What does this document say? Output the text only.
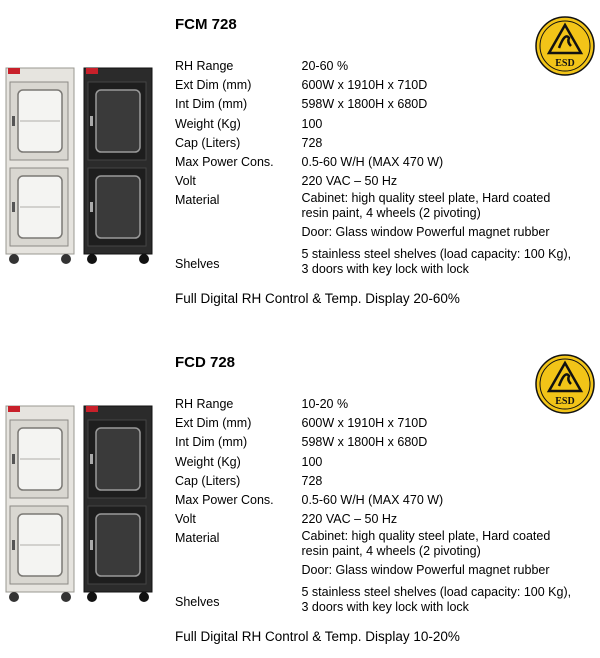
FCM 728
ESD
RH Range	20-60 %
Ext Dim (mm)	600W x 1910H x 710D
Int Dim (mm)	598W x 1800H x 680D
Weight (Kg)	100
Cap (Liters)	728
Max Power Cons.	0.5-60 W/H (MAX 470 W)
Volt	220 VAC – 50 Hz
Material	Cabinet: high quality steel plate, Hard coated
resin paint, 4 wheels (2 pivoting)

	Door: Glass window Powerful magnet rubber
Shelves	5 stainless steel shelves (load capacity: 100 Kg),
3 doors with key lock with lock
Full Digital RH Control & Temp. Display 20-60%
FCD 728
ESD
RH Range	10-20 %
Ext Dim (mm)	600W x 1910H x 710D
Int Dim (mm)	598W x 1800H x 680D
Weight (Kg)	100
Cap (Liters)	728
Max Power Cons.	0.5-60 W/H (MAX 470 W)
Volt	220 VAC – 50 Hz
Material	Cabinet: high quality steel plate, Hard coated
resin paint, 4 wheels (2 pivoting)

	Door: Glass window Powerful magnet rubber
Shelves	5 stainless steel shelves (load capacity: 100 Kg),
3 doors with key lock with lock
Full Digital RH Control & Temp. Display 10-20%
